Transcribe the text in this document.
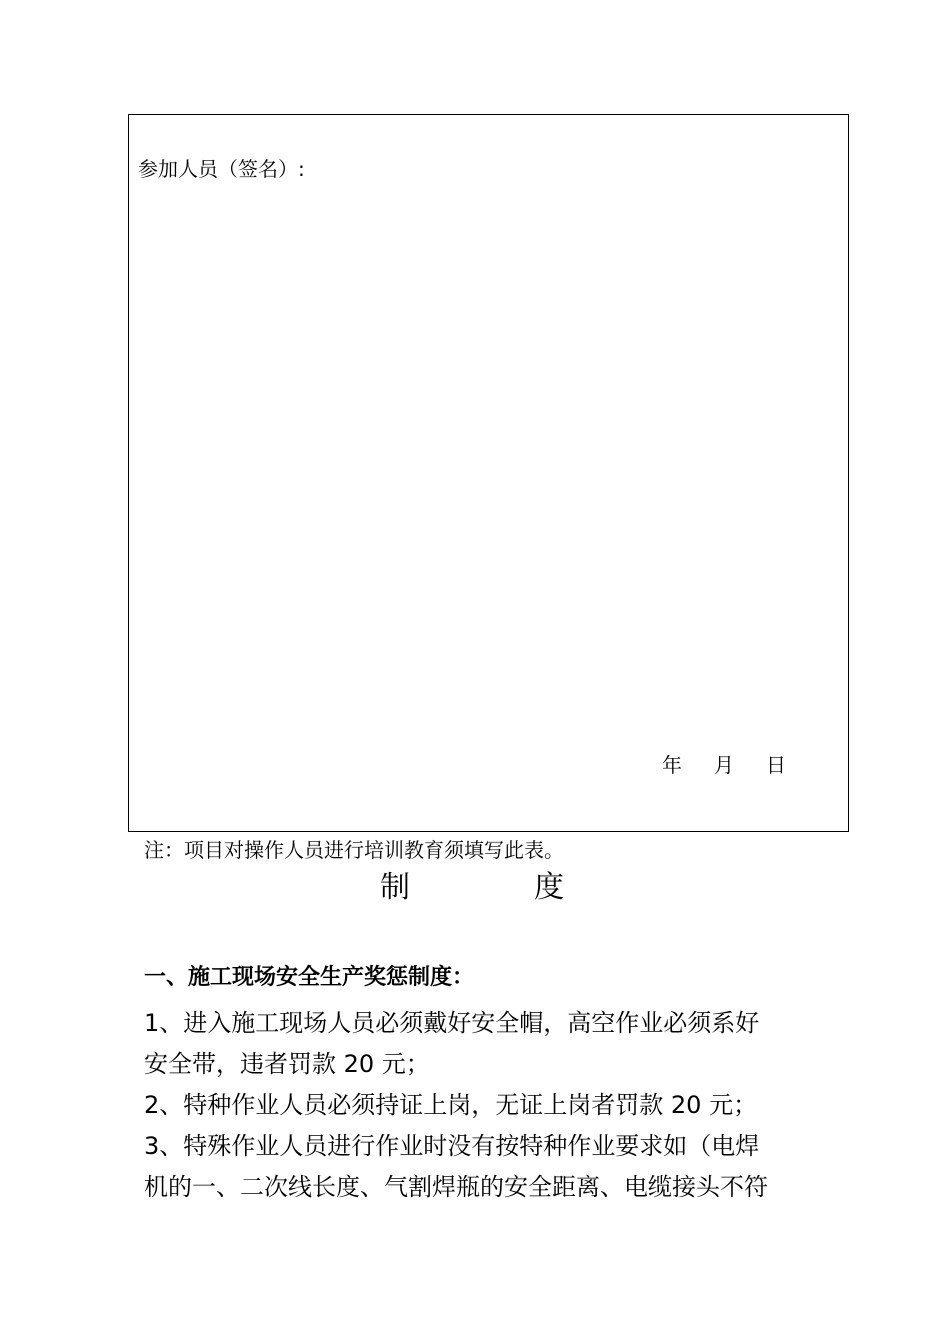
参加人员（签名）:
年 月 日
注：项目对操作人员进行培训教育须填写此表。
制	度
一、施工现场安全生产奖惩制度：
1、进入施工现场人员必须戴好安全帽，高空作业必须系好
安全带，违者罚款 20 元；
2、特种作业人员必须持证上岗，无证上岗者罚款 20 元；
3、特殊作业人员进行作业时没有按特种作业要求如（电焊
机的一、二次线长度、气割焊瓶的安全距离、电缆接头不符
